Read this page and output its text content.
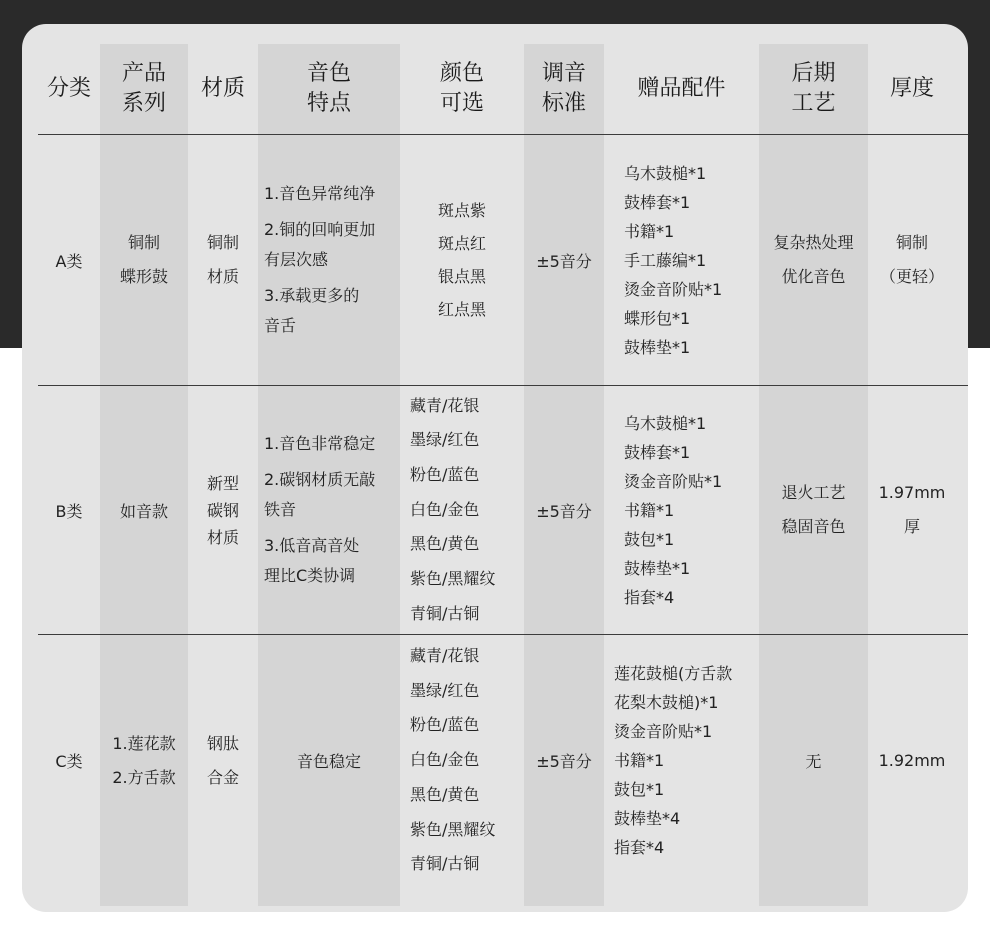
分类
产品
系列
材质
音色
特点
颜色
可选
调音
标准
赠品配件
后期
工艺
厚度
A类
铜制
蝶形鼓
铜制
材质
1.音色异常纯净
2.铜的回响更加
有层次感
3.承载更多的
音舌
斑点紫
斑点红
银点黑
红点黑
±5音分
乌木鼓槌*1
鼓棒套*1
书籍*1
手工藤编*1
烫金音阶贴*1
蝶形包*1
鼓棒垫*1
复杂热处理
优化音色
铜制
（更轻）
B类 如音款
新型
碳钢
材质
1.音色非常稳定
2.碳钢材质无敲
铁音
3.低音高音处
理比C类协调
藏青/花银
墨绿/红色
粉色/蓝色
白色/金色
黑色/黄色
紫色/黑耀纹
青铜/古铜
±5音分
乌木鼓槌*1
鼓棒套*1
烫金音阶贴*1
书籍*1
鼓包*1
鼓棒垫*1
指套*4
退火工艺
稳固音色
1.97mm
厚
C类
1.莲花款
2.方舌款
钢肽
合金
音色稳定
藏青/花银
墨绿/红色
粉色/蓝色
白色/金色
黑色/黄色
紫色/黑耀纹
青铜/古铜
±5音分
莲花鼓槌(方舌款
花梨木鼓槌)*1
烫金音阶贴*1
书籍*1
鼓包*1
鼓棒垫*4
指套*4
无	1.92mm
